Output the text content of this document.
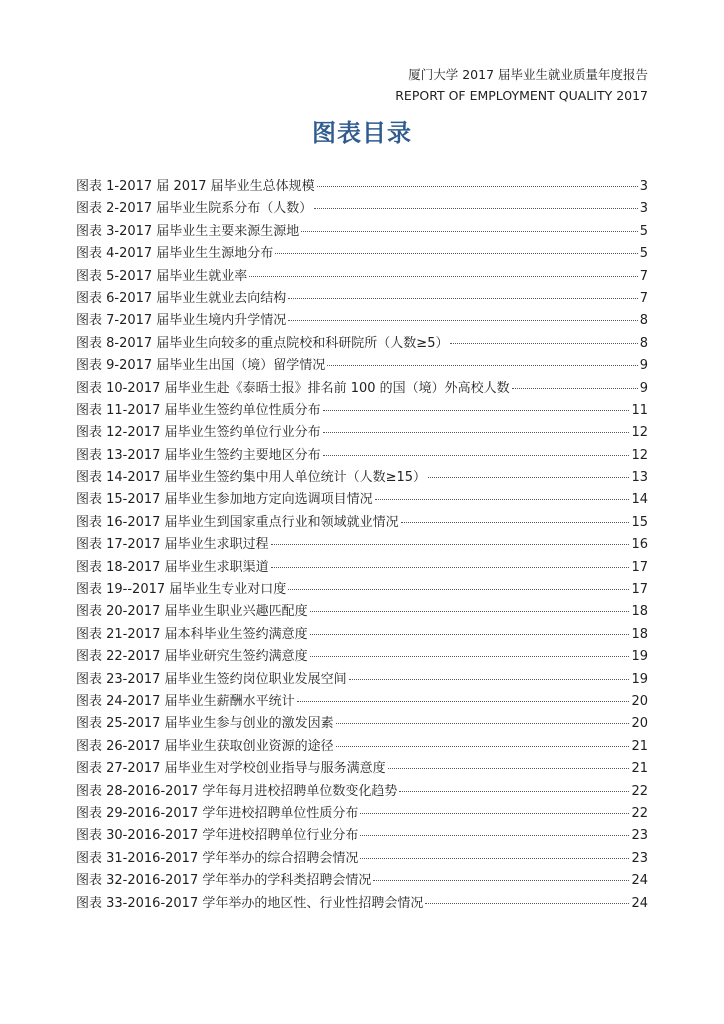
厦门大学 2017 届毕业生就业质量年度报告
REPORT OF EMPLOYMENT QUALITY 2017
图表目录
图表 1-2017 届 2017 届毕业生总体规模	3
图表 2-2017 届毕业生院系分布（人数）	3
图表 3-2017 届毕业生主要来源生源地	5
图表 4-2017 届毕业生生源地分布	5
图表 5-2017 届毕业生就业率	7
图表 6-2017 届毕业生就业去向结构	7
图表 7-2017 届毕业生境内升学情况	8
图表 8-2017 届毕业生向较多的重点院校和科研院所（人数≥5）	8
图表 9-2017 届毕业生出国（境）留学情况	9
图表 10-2017 届毕业生赴《泰晤士报》排名前 100 的国（境）外高校人数	9
图表 11-2017 届毕业生签约单位性质分布	11
图表 12-2017 届毕业生签约单位行业分布	12
图表 13-2017 届毕业生签约主要地区分布	12
图表 14-2017 届毕业生签约集中用人单位统计（人数≥15）	13
图表 15-2017 届毕业生参加地方定向选调项目情况	14
图表 16-2017 届毕业生到国家重点行业和领域就业情况	15
图表 17-2017 届毕业生求职过程	16
图表 18-2017 届毕业生求职渠道	17
图表 19--2017 届毕业生专业对口度	17
图表 20-2017 届毕业生职业兴趣匹配度	18
图表 21-2017 届本科毕业生签约满意度	18
图表 22-2017 届毕业研究生签约满意度	19
图表 23-2017 届毕业生签约岗位职业发展空间	19
图表 24-2017 届毕业生薪酬水平统计	20
图表 25-2017 届毕业生参与创业的激发因素	20
图表 26-2017 届毕业生获取创业资源的途径	21
图表 27-2017 届毕业生对学校创业指导与服务满意度	21
图表 28-2016-2017 学年每月进校招聘单位数变化趋势	22
图表 29-2016-2017 学年进校招聘单位性质分布	22
图表 30-2016-2017 学年进校招聘单位行业分布	23
图表 31-2016-2017 学年举办的综合招聘会情况	23
图表 32-2016-2017 学年举办的学科类招聘会情况	24
图表 33-2016-2017 学年举办的地区性、行业性招聘会情况	24
